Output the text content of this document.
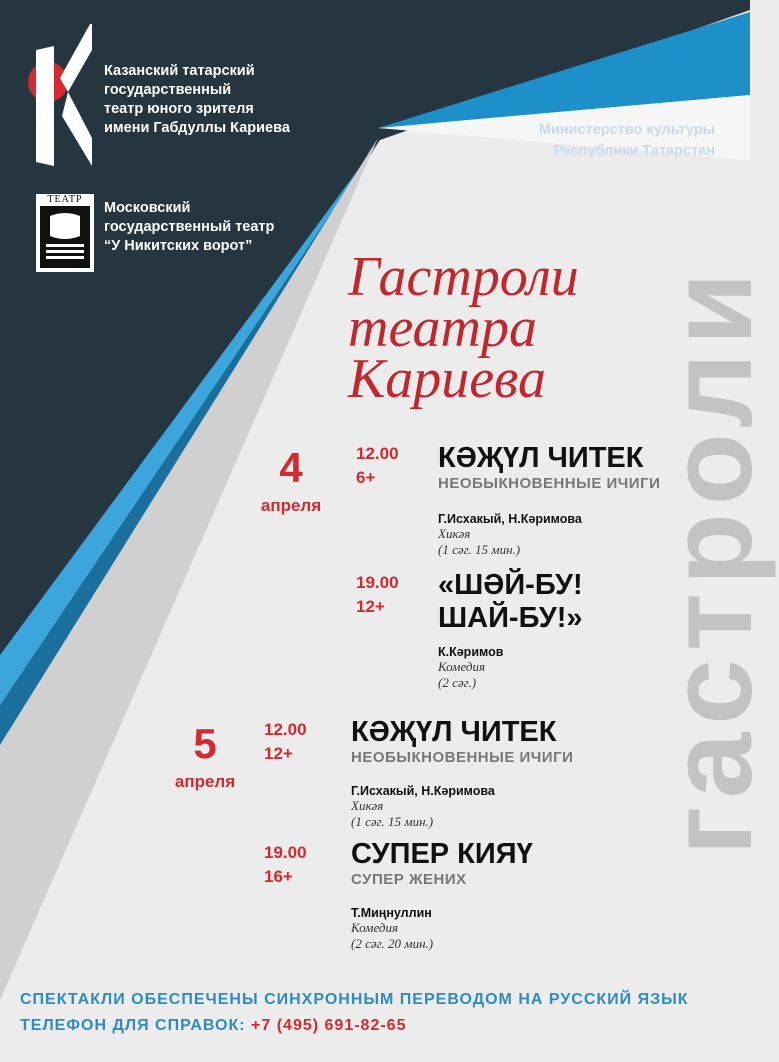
гастроли
Казанский татарский
государственный
театр юного зрителя
имени Габдуллы Кариева
ТЕАТР
Московский
государственный театр
“У Никитских ворот”
Министерство культуры
Республики Татарстан
Гастроли
театра
Кариева
4
апреля
12.00
6+
КӘҖҮЛ ЧИТЕК
НЕОБЫКНОВЕННЫЕ ИЧИГИ
Г.Исхакый, Н.Кәримова
Хикәя
(1 сәг. 15 мин.)
19.00
12+
«ШӘЙ-БУ!
ШАЙ-БУ!»
К.Кәримов
Комедия
(2 сәг.)
5
апреля
12.00
12+
КӘҖҮЛ ЧИТЕК
НЕОБЫКНОВЕННЫЕ ИЧИГИ
Г.Исхакый, Н.Кәримова
Хикәя
(1 сәг. 15 мин.)
19.00
16+
СУПЕР КИЯҮ
СУПЕР ЖЕНИХ
Т.Миңнуллин
Комедия
(2 сәг. 20 мин.)
СПЕКТАКЛИ ОБЕСПЕЧЕНЫ СИНХРОННЫМ ПЕРЕВОДОМ НА РУССКИЙ ЯЗЫК
ТЕЛЕФОН ДЛЯ СПРАВОК: +7 (495) 691-82-65
